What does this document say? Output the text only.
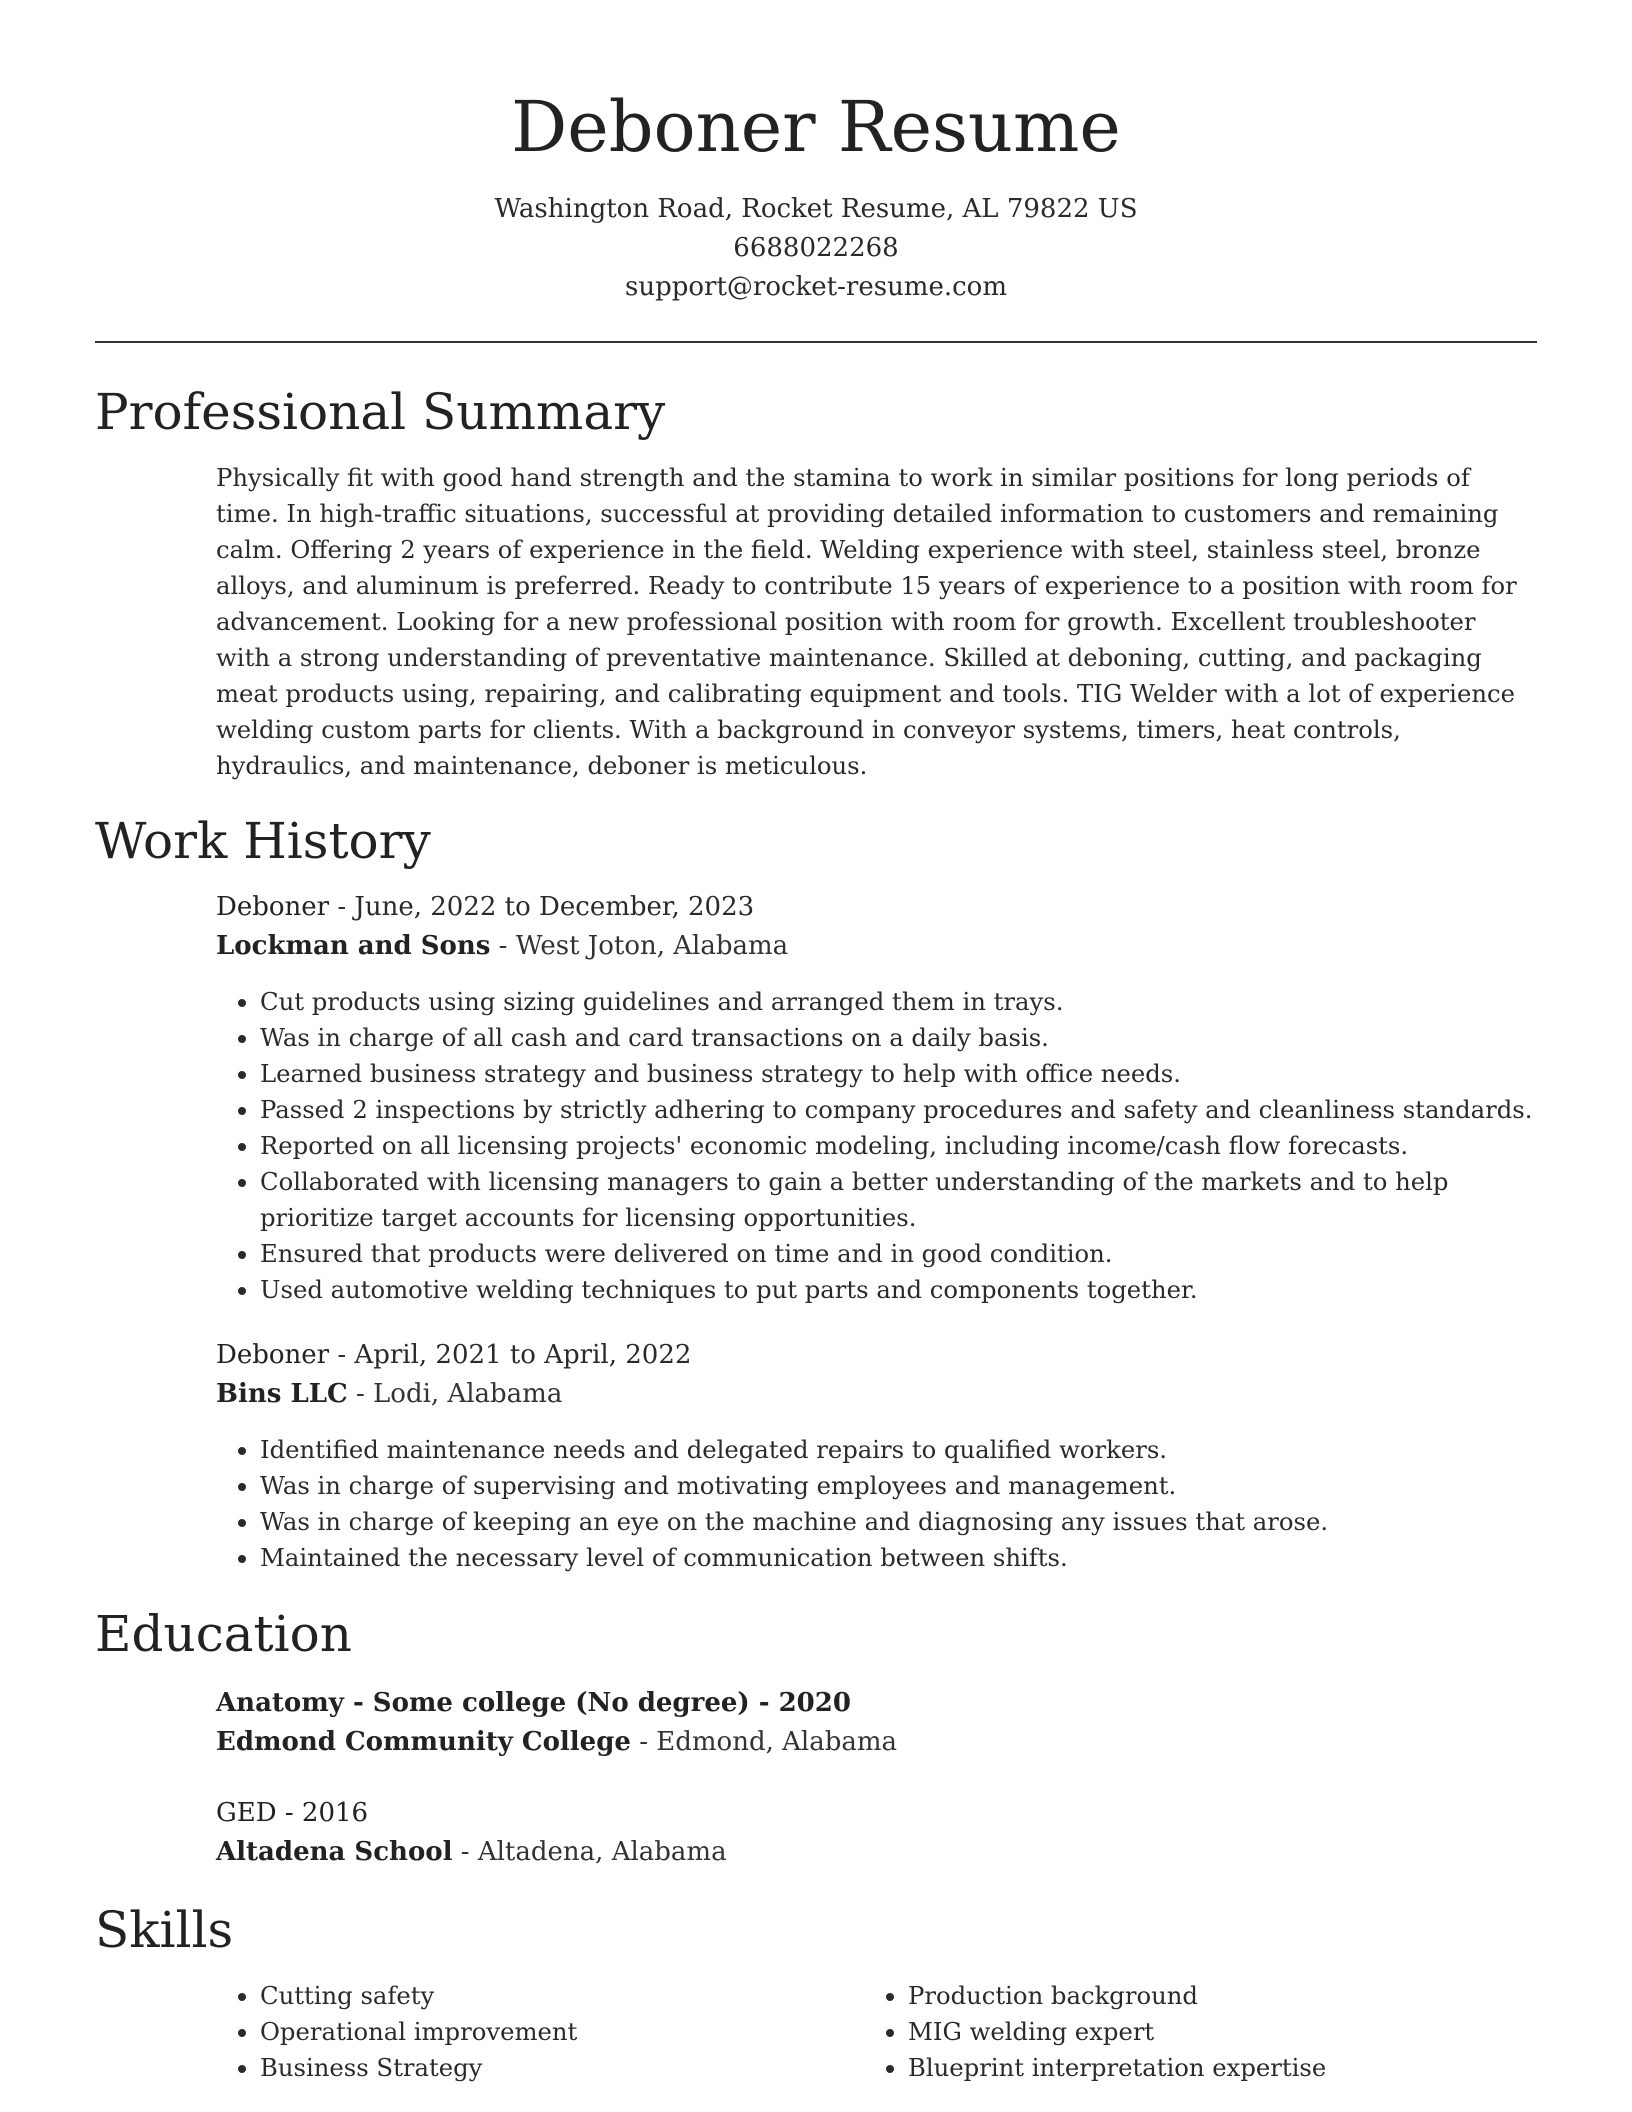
Deboner Resume
Washington Road, Rocket Resume, AL 79822 US
6688022268
support@rocket-resume.com
Professional Summary

Physically fit with good hand strength and the stamina to work in similar positions for long periods of time. In high-traffic situations, successful at providing detailed information to customers and remaining calm. Offering 2 years of experience in the field. Welding experience with steel, stainless steel, bronze alloys, and aluminum is preferred. Ready to contribute 15 years of experience to a position with room for advancement. Looking for a new professional position with room for growth. Excellent troubleshooter with a strong understanding of preventative maintenance. Skilled at deboning, cutting, and packaging meat products using, repairing, and calibrating equipment and tools. TIG Welder with a lot of experience welding custom parts for clients. With a background in conveyor systems, timers, heat controls, hydraulics, and maintenance, deboner is meticulous.

Work History
Deboner - June, 2022 to December, 2023
Lockman and Sons - West Joton, Alabama
• Cut products using sizing guidelines and arranged them in trays.
• Was in charge of all cash and card transactions on a daily basis.
• Learned business strategy and business strategy to help with office needs.
• Passed 2 inspections by strictly adhering to company procedures and safety and cleanliness standards.
• Reported on all licensing projects' economic modeling, including income/cash flow forecasts.
• Collaborated with licensing managers to gain a better understanding of the markets and to help prioritize target accounts for licensing opportunities.
• Ensured that products were delivered on time and in good condition.
• Used automotive welding techniques to put parts and components together.
Deboner - April, 2021 to April, 2022
Bins LLC - Lodi, Alabama
• Identified maintenance needs and delegated repairs to qualified workers.
• Was in charge of supervising and motivating employees and management.
• Was in charge of keeping an eye on the machine and diagnosing any issues that arose.
• Maintained the necessary level of communication between shifts.
Education
Anatomy - Some college (No degree) - 2020
Edmond Community College - Edmond, Alabama
GED - 2016
Altadena School - Altadena, Alabama
Skills
• Cutting safety
• Operational improvement
• Business Strategy
• Production background
• MIG welding expert
• Blueprint interpretation expertise
